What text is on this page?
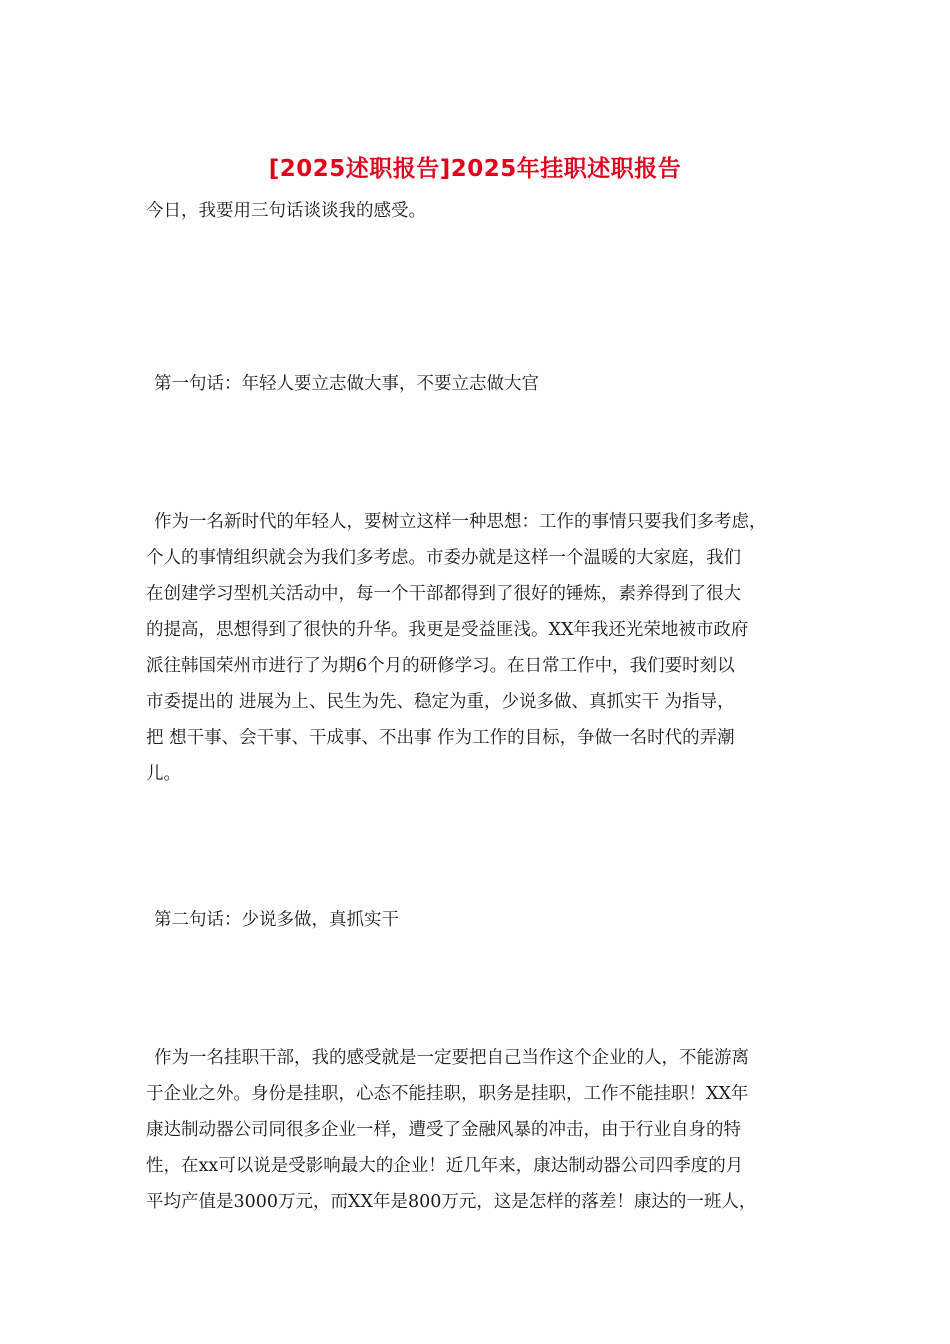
[2025述职报告]2025年挂职述职报告
今日，我要用三句话谈谈我的感受。
第一句话：年轻人要立志做大事，不要立志做大官
作为一名新时代的年轻人，要树立这样一种思想：工作的事情只要我们多考虑，
个人的事情组织就会为我们多考虑。市委办就是这样一个温暖的大家庭，我们
在创建学习型机关活动中，每一个干部都得到了很好的锤炼，素养得到了很大
的提高，思想得到了很快的升华。我更是受益匪浅。XX年我还光荣地被市政府
派往韩国荣州市进行了为期6个月的研修学习。在日常工作中，我们要时刻以
市委提出的 进展为上、民生为先、稳定为重，少说多做、真抓实干 为指导，
把 想干事、会干事、干成事、不出事 作为工作的目标，争做一名时代的弄潮
儿。
第二句话：少说多做，真抓实干
作为一名挂职干部，我的感受就是一定要把自己当作这个企业的人，不能游离
于企业之外。身份是挂职，心态不能挂职，职务是挂职，工作不能挂职！XX年
康达制动器公司同很多企业一样，遭受了金融风暴的冲击，由于行业自身的特
性，在xx可以说是受影响最大的企业！近几年来，康达制动器公司四季度的月
平均产值是3000万元，而XX年是800万元，这是怎样的落差！康达的一班人，
